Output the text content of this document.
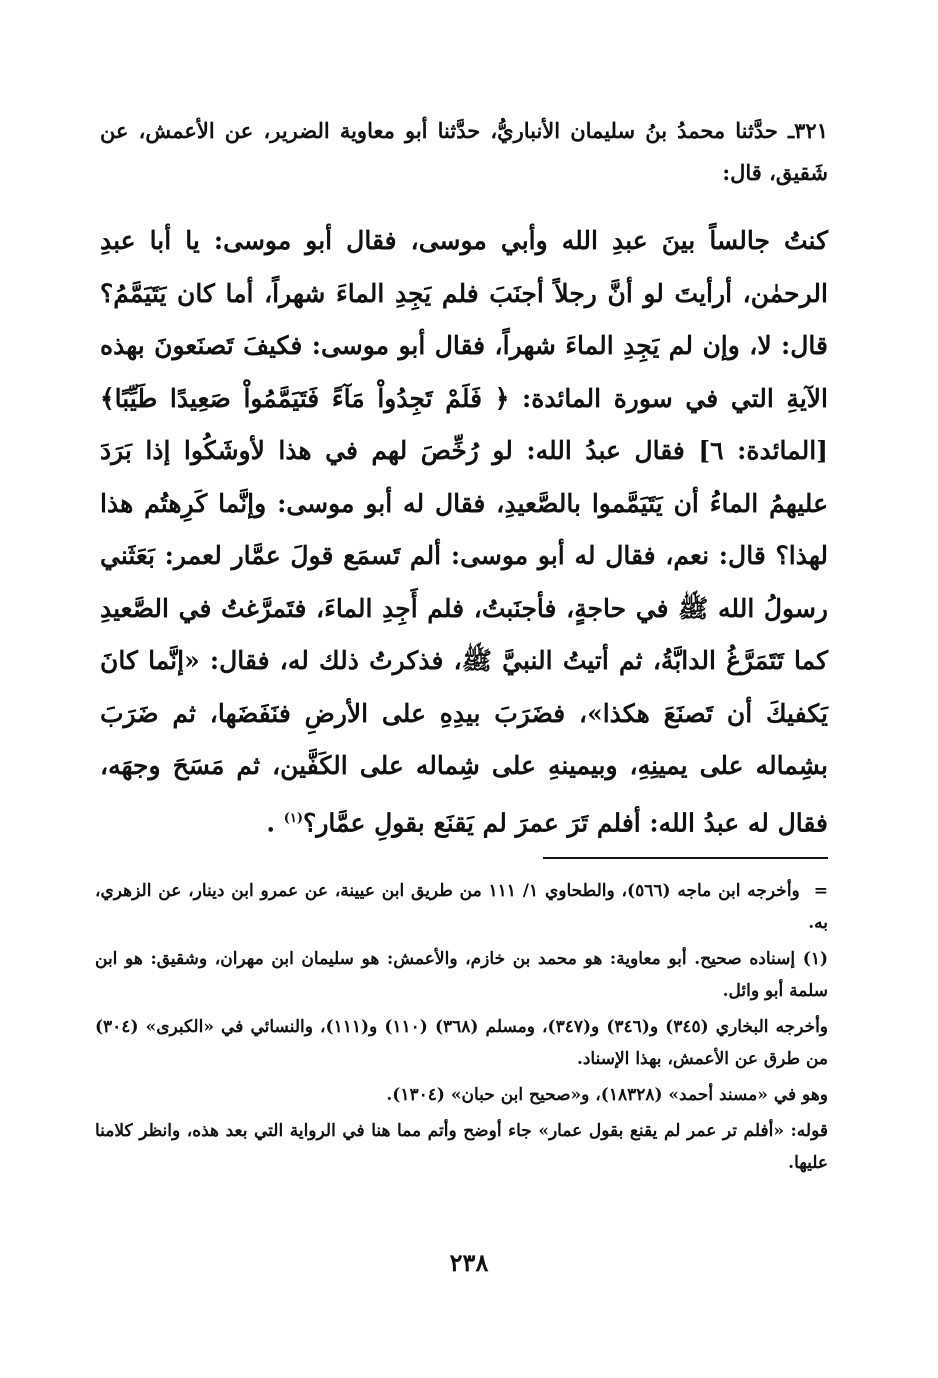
٣٢١ـ حدَّثنا محمدُ بنُ سليمان الأنباريُّ، حدَّثنا أبو معاوية الضرير، عن الأعمش، عن شَقيق، قال:
كنتُ جالساً بينَ عبدِ الله وأبي موسى، فقال أبو موسى: يا أبا عبدِ الرحمٰن، أرأيتَ لو أنَّ رجلاً أجنَبَ فلم يَجِدِ الماءَ شهراً، أما كان يَتَيَمَّمُ؟ قال: لا، وإن لم يَجِدِ الماءَ شهراً، فقال أبو موسى: فكيفَ تَصنَعونَ بهذه الآيةِ التي في سورة المائدة: ﴿ فَلَمْ تَجِدُواْ مَآءً فَتَيَمَّمُواْ صَعِيدًا طَيِّبًا﴾ [المائدة: ٦] فقال عبدُ الله: لو رُخِّصَ لهم في هذا لأوشَكُوا إذا بَرَدَ عليهمُ الماءُ أن يَتَيَمَّموا بالصَّعيدِ، فقال له أبو موسى: وإنَّما كَرِهتُم هذا لهذا؟ قال: نعم، فقال له أبو موسى: ألم تَسمَع قولَ عمَّار لعمر: بَعَثَني رسولُ الله ﷺ في حاجةٍ، فأجنَبتُ، فلم أَجِدِ الماءَ، فتَمرَّغتُ في الصَّعيدِ كما تَتَمَرَّغُ الدابَّةُ، ثم أتيتُ النبيَّ ﷺ، فذكرتُ ذلك له، فقال: «إنَّما كانَ يَكفيكَ أن تَصنَعَ هكذا»، فضَرَبَ بيدِهِ على الأرضِ فنَفَضَها، ثم ضَرَبَ بشِماله على يمينِهِ، وبيمينهِ على شِماله على الكَفَّين، ثم مَسَحَ وجهَه، فقال له عبدُ الله: أفلم تَرَ عمرَ لم يَقنَع بقولِ عمَّار؟$^{(١)}$ .

=وأخرجه ابن ماجه (٥٦٦)، والطحاوي ١/ ١١١ من طريق ابن عيينة، عن عمرو ابن دينار، عن الزهري، به.

(١) إسناده صحيح. أبو معاوية: هو محمد بن خازم، والأعمش: هو سليمان ابن مهران، وشقيق: هو ابن سلمة أبو وائل.

وأخرجه البخاري (٣٤٥) و(٣٤٦) و(٣٤٧)، ومسلم (٣٦٨) (١١٠) و(١١١)، والنسائي في «الكبرى» (٣٠٤) من طرق عن الأعمش، بهذا الإسناد.

وهو في «مسند أحمد» (١٨٣٢٨)، و«صحيح ابن حبان» (١٣٠٤).

قوله: «أفلم تر عمر لم يقنع بقول عمار» جاء أوضح وأتم مما هنا في الرواية التي بعد هذه، وانظر كلامنا عليها.

٢٣٨
